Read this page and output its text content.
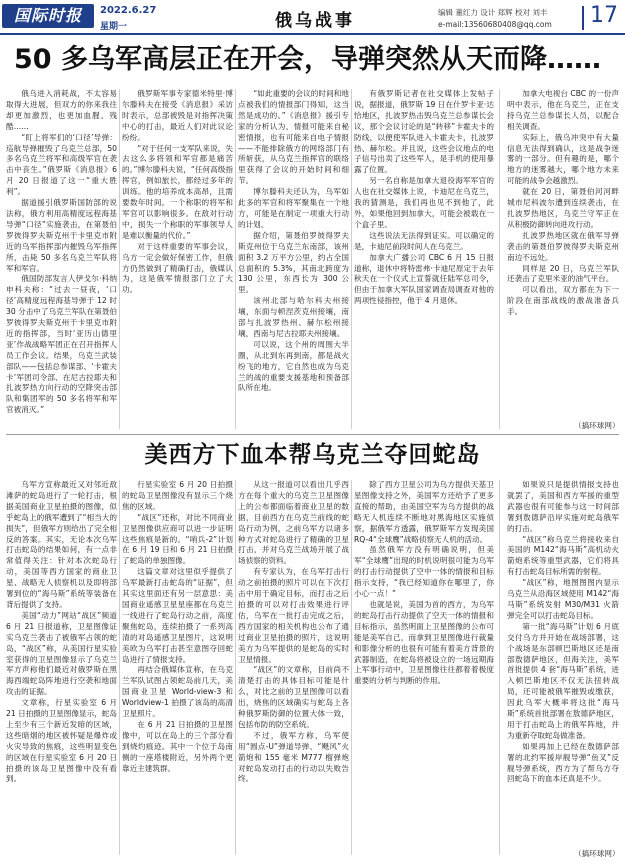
国际时报	2022.6.27
星期一	俄乌战事	编辑 董红力 设计 郑辉 校对 刘丰
e-mail:13560680408@qq.com 17
50 多乌军高层正在开会，导弹突然从天而降……

俄乌进入消耗战，不太容易取得大进展，但双方的你来我往却更加激烈，也更加血腥、残酷……

“盯上将军们的‘口径’导弹：巡航导弹摧毁了乌克兰总部，50 多名乌克兰将军和高级军官在袭击中丧生。”俄罗斯《消息报》6 月 20 日报道了这一“重大胜利”。

据道援引俄罗斯国防部的说法称，俄方利用高精度远程海基导弹“口径”实施袭击，在第聂伯罗彼得罗夫斯克州干卡里克市附近的乌军指挥部内摧毁乌军指挥所，击毙 50 多名乌克兰军队将军和军官。

俄国防部发言人伊戈尔·科纳申科夫称：“过去一昼夜，‘口径’高精度远程海基导弹于 12 时 30 分击中了乌克兰军队在第聂伯罗彼得罗夫斯克州干卡里克市附近的指挥部，当时‘亚历山德里亚’作战战略军团正在召开指挥人员工作会议。结果，乌克兰武装部队——包括总参谋部、‘卡霍夫卡’军团司令部、在尼古拉耶夫和扎波罗热方向行动的空降突击部队和集团军的 50 多名将军和军官被消灭。”

俄罗斯军事专家德米特里·博尔滕科夫在接受《消息报》采访时表示，总部被毁是对指挥决策中心的打击，最近人们对此议论纷纷。

“对于任何一支军队来说，失去这么多将领和军官都是痛苦的。”博尔滕科夫说，“任何高级指挥官，例如旅长，都经过多年的训练。他的培养成本高昂，且需要数年时间。一个称职的将军和军官可以影响很多。在敌对行动中，损失一个称职的军事领导人是难以衡量的代价。”

对于这样重要的军事会议，乌方一定会做好保密工作，但俄方仍然做到了精确打击，俄媒认为，这是俄军情报部门立了大功。

“如此重要的会议的时间和地点被我们的情报部门得知，这当然是成功的。”《消息报》援引专家的分析认为，情报可能来自秘密情报，也有可能来自电子情报——不能排除俄方的网络部门有所斩获，从乌克兰指挥官的联络里获得了会议的开始时间和细节。

博尔滕科夫还认为，乌军如此多的军官和将军聚集在一个地方，可能是在制定一项重大行动的计划。

据介绍，第聂伯罗彼得罗夫斯克州位于乌克兰东南部，该州面积 3.2 万平方公里，约占全国总面积的 5.3%，其南北跨度为 130 公里，东西长为 300 公里。

该州北部与哈尔科夫州接壤，东面与顿涅茨克州接壤，南部与扎波罗热州、赫尔松州接壤，西南与尼古拉耶夫州接壤。

可以说，这个州的周围大半圈，从北到东再到南，都是战火纷飞的地方，它自然也成为乌克兰的战的重要支援基地和预备部队所在地。

有俄罗斯记者在社交媒体上发帖子说，据报道，俄罗斯 19 日在什罗卡亚·达恰地区，扎波罗热击毁乌克兰总参谋长会议，那个会议讨论的是“转移”卡霍夫卡的防线，以便使军队进入卡霍夫卡，扎波罗热、赫尔松。并且说，这些会议地点的电子信号出卖了这些军人，是手机的使用暴露了位置。

另一名自称是加拿大退役海军军官的人也在社交媒体上说，卡迪尼在乌克兰，我的猜测是，我们再也见不到他了，此外，如果他回到加拿大，可能会被载在一个盒子里。

这些说法无法得到证实。可以确定的是，卡迪尼前段时间人在乌克兰。

加拿大广播公司 CBC 6 月 15 日报道称，退休中将特雷弗·卡迪尼原定于去年秋天在一个仪式上宣誓就任陆军总司令，但由于加拿大军队国家调查局调查对他的两项性侵指控，他于 4 月退休。

加拿大电视台 CBC 的一份声明中表示，他在乌克兰，正在支持乌克兰总参谋长人员，以配合相关调查。

实际上，俄乌冲突中有大量信息无法得到确认，这是战争迷雾的一部分。但有趣的是，哪个地方的迷雾越大，哪个地方未来可能的战争会越激烈。

就在 20 日，第聂伯河河畔城市尼科波尔遭到连续袭击，在扎波罗热地区，乌克兰守军正在从积极防御转向进攻行动。

扎波罗热地区就在俄军导弹袭击的第聂伯罗彼得罗夫斯克州南边不远处。

同样是 20 日，乌克兰军队还袭击了克里米亚的油气平台。

可以看出，双方都在为下一阶段在南部战线的激战准备兵手。

（搞环球网）
美西方下血本帮乌克兰夺回蛇岛

乌军方宣称最近又对邻近敌滩萨的蛇岛进行了一轮打击，根据美国商业卫星拍摄的图像，似乎蛇岛上的俄军遭到了“相当大的损失”，但俄军方则给出了完全相反的答案。其实，无论本次乌军打击蛇岛的结果如何，有一点非常值得关注：针对本次蛇岛行动，美国等西方国家的商业卫星、战略无人侦察机以及即将部署到位的“海马斯”系统等装备在背后提供了支持。

美国“动力”网站“战区”频道 6 月 21 日报道称，卫星图像证实乌克兰袭击了被俄军占领的蛇岛，“战区”称，从美国行星实验室获得的卫星图像显示了乌克兰军方声称他们最近对俄罗斯在黑海西端蛇岛阵地进行空袭和地面攻击的证据。

文章称，行星实验室 6 月 21 日拍摄的卫星图像显示，蛇岛上至少有三个新近发暗的区域，这些暗烟的地区被怀疑是爆炸或火灾导致的焦痕，这些明显变色的区域在行星实验室 6 月 20 日拍摄的该岛卫星图像中没有看到。

行星实验室 6 月 20 日拍摄的蛇岛卫星图像没有显示三个烧焦的区域。

“战区”还称，对比不同商业卫星图像供应商可以进一步证明这些焦痕是新的。“哨兵-2”计划在 6 月 19 日和 6 月 21 日拍摄了蛇岛的单独图像。

这篇文章对这里似乎提供了乌军最新打击蛇岛的“证据”，但其实这里面还有另一层意思：美国商业遥感卫星星座都在乌克兰一线进行了蛇岛行动之前，高度聚焦蛇岛，连续拍摄了一系列高清的对岛遥感卫星图片，这说明美欧为乌军打击甚至意图夺回蛇岛进行了情报支持。

再结合俄媒体宣称，在乌克兰军队试图占领蛇岛前几天，美国商业卫星 World-view-3 和 Worldview-1 拍摄了该岛的高清卫星照片。

在 6 月 21 日拍摄的卫星图像中，可以在岛上的三个部分看到烧灼痕迹。其中一个位于岛南侧的一座塔楼附近，另外两个更靠近主建筑群。

从这一报道可以看出几乎西方在每个重大的乌克兰卫星图像上的公布都面临着商业卫星的数据，目前西方在乌克兰前线的蛇岛行动为例，之前乌军方以诸多种方式对蛇岛进行了精确的卫星打击，并对乌克兰战场开展了战场侦察的资料。

有专家认为，在乌军打击行动之前拍摄的照片可以在下次打击中用于确定目标，而打击之后拍摄的可以对打击效果进行评估，乌军在一批打击完成之后，西方国家的相关机构也公布了通过商业卫星拍摄的照片，这说明美方为乌军提供的是蛇岛的实时卫星情报。

“战区”的文章称，目前尚不清楚打击的具体目标可能是什么，对比之前的卫星图像可以看出，烧焦的区域确实与蛇岛上各种俄罗斯防御的位置大体一致，包括布防的防空系统。

不过，俄军方称，乌军使用“圆点-U”弹道导弹、“飓风”火箭炮和 155 毫米 M777 榴弹炮对蛇岛发动打击的行动以失败告终。

除了西方卫星公司为乌方提供天基卫星图像支持之外，美国军方还给予了更多直接的帮助，由美国空军为乌方提供的战略无人机连续不断地对黑海地区实施侦察，据俄军方透露，俄罗斯军方发现美国 RQ-4“全球鹰”战略侦察无人机的活动。

虽然俄军方没有明确说明，但美军“全球鹰”出现的时机说明很可能为乌军的打击行动提供了空中一体的情报和目标指示支持，“我已经知道你在哪里了，你小心一点！”

也就是说，美国为首的西方，为乌军的蛇岛打击行动提供了空天一体的情报和目标指示，虽然明面上卫星图像的公布可能是美军自己，而拿到卫星图像进行裁量和影像分析的也很有可能有着美方背景的武器制造，在蛇岛将被设立的一场远期海上军事行动中，卫星图像往往都着着极度重要的分析与判断的作用。

如果说只是提供情报支持也就罢了，美国和西方军援的重型武器也很有可能参与这一时间部署到敖德萨沿岸实施对蛇岛俄军的打击。

“战区”称乌克兰将接收来自美国的 M142“海马斯”高机动火箭炮系统等重型武器，它们将具有打击蛇岛目标所需的射程。

“战区”称，地图图图内显示乌克兰从沿海区域使用 M142“海马斯”系统发射 M30/M31 火箭弹完全可以打击蛇岛目标。

第一批“海马斯”计划 6 月底交付乌方并开始在战场部署，这个战场是东部顿巴斯地区还是南部敖德萨地区，但海关注，美军首批提供 4 套“海马斯”系统，进入顿巴斯地区不仅无法扭转战局，还可能被俄军摧毁或缴获，因此乌军大概率将这批“海马斯”系统首批部署在敖德萨地区，用于打击蛇岛上的俄军阵地，并为重新夺取蛇岛做准备。

如果再加上已经在敖德萨部署的北约军援岸舰导弹“鱼叉”反舰导弹系统，西方为了帮乌方夺回蛇岛下的血本还真是不少。

（搞环球网）
